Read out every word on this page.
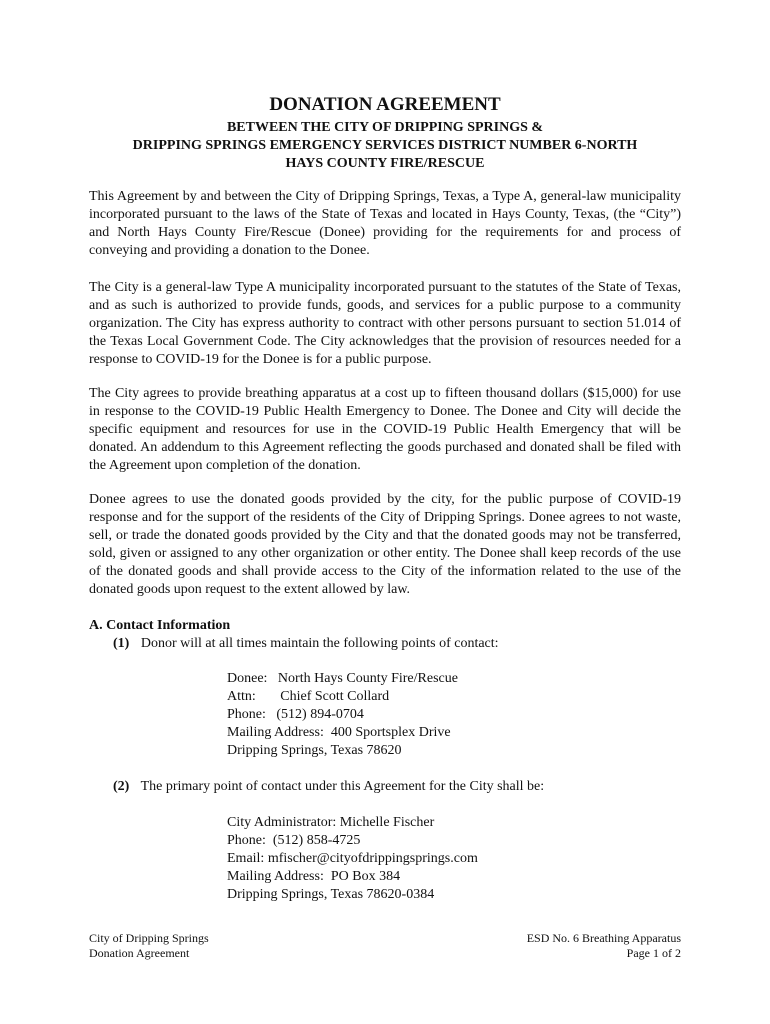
DONATION AGREEMENT
BETWEEN THE CITY OF DRIPPING SPRINGS &
DRIPPING SPRINGS EMERGENCY SERVICES DISTRICT NUMBER 6-NORTH
HAYS COUNTY FIRE/RESCUE

This Agreement by and between the City of Dripping Springs, Texas, a Type A, general-law municipality incorporated pursuant to the laws of the State of Texas and located in Hays County, Texas, (the “City”) and North Hays County Fire/Rescue (Donee) providing for the requirements for and process of conveying and providing a donation to the Donee.

The City is a general-law Type A municipality incorporated pursuant to the statutes of the State of Texas, and as such is authorized to provide funds, goods, and services for a public purpose to a community organization. The City has express authority to contract with other persons pursuant to section 51.014 of the Texas Local Government Code. The City acknowledges that the provision of resources needed for a response to COVID-19 for the Donee is for a public purpose.

The City agrees to provide breathing apparatus at a cost up to fifteen thousand dollars ($15,000) for use in response to the COVID-19 Public Health Emergency to Donee. The Donee and City will decide the specific equipment and resources for use in the COVID-19 Public Health Emergency that will be donated. An addendum to this Agreement reflecting the goods purchased and donated shall be filed with the Agreement upon completion of the donation.

Donee agrees to use the donated goods provided by the city, for the public purpose of COVID-19 response and for the support of the residents of the City of Dripping Springs. Donee agrees to not waste, sell, or trade the donated goods provided by the City and that the donated goods may not be transferred, sold, given or assigned to any other organization or other entity. The Donee shall keep records of the use of the donated goods and shall provide access to the City of the information related to the use of the donated goods upon request to the extent allowed by law.

A. Contact Information
(1) Donor will at all times maintain the following points of contact:
Donee:   North Hays County Fire/Rescue
Attn:       Chief Scott Collard
Phone:   (512) 894-0704
Mailing Address:  400 Sportsplex Drive
Dripping Springs, Texas 78620
(2) The primary point of contact under this Agreement for the City shall be:
City Administrator: Michelle Fischer
Phone:  (512) 858-4725
Email: mfischer@cityofdrippingsprings.com
Mailing Address:  PO Box 384
Dripping Springs, Texas 78620-0384
City of Dripping Springs
Donation Agreement
ESD No. 6 Breathing Apparatus
Page 1 of 2
